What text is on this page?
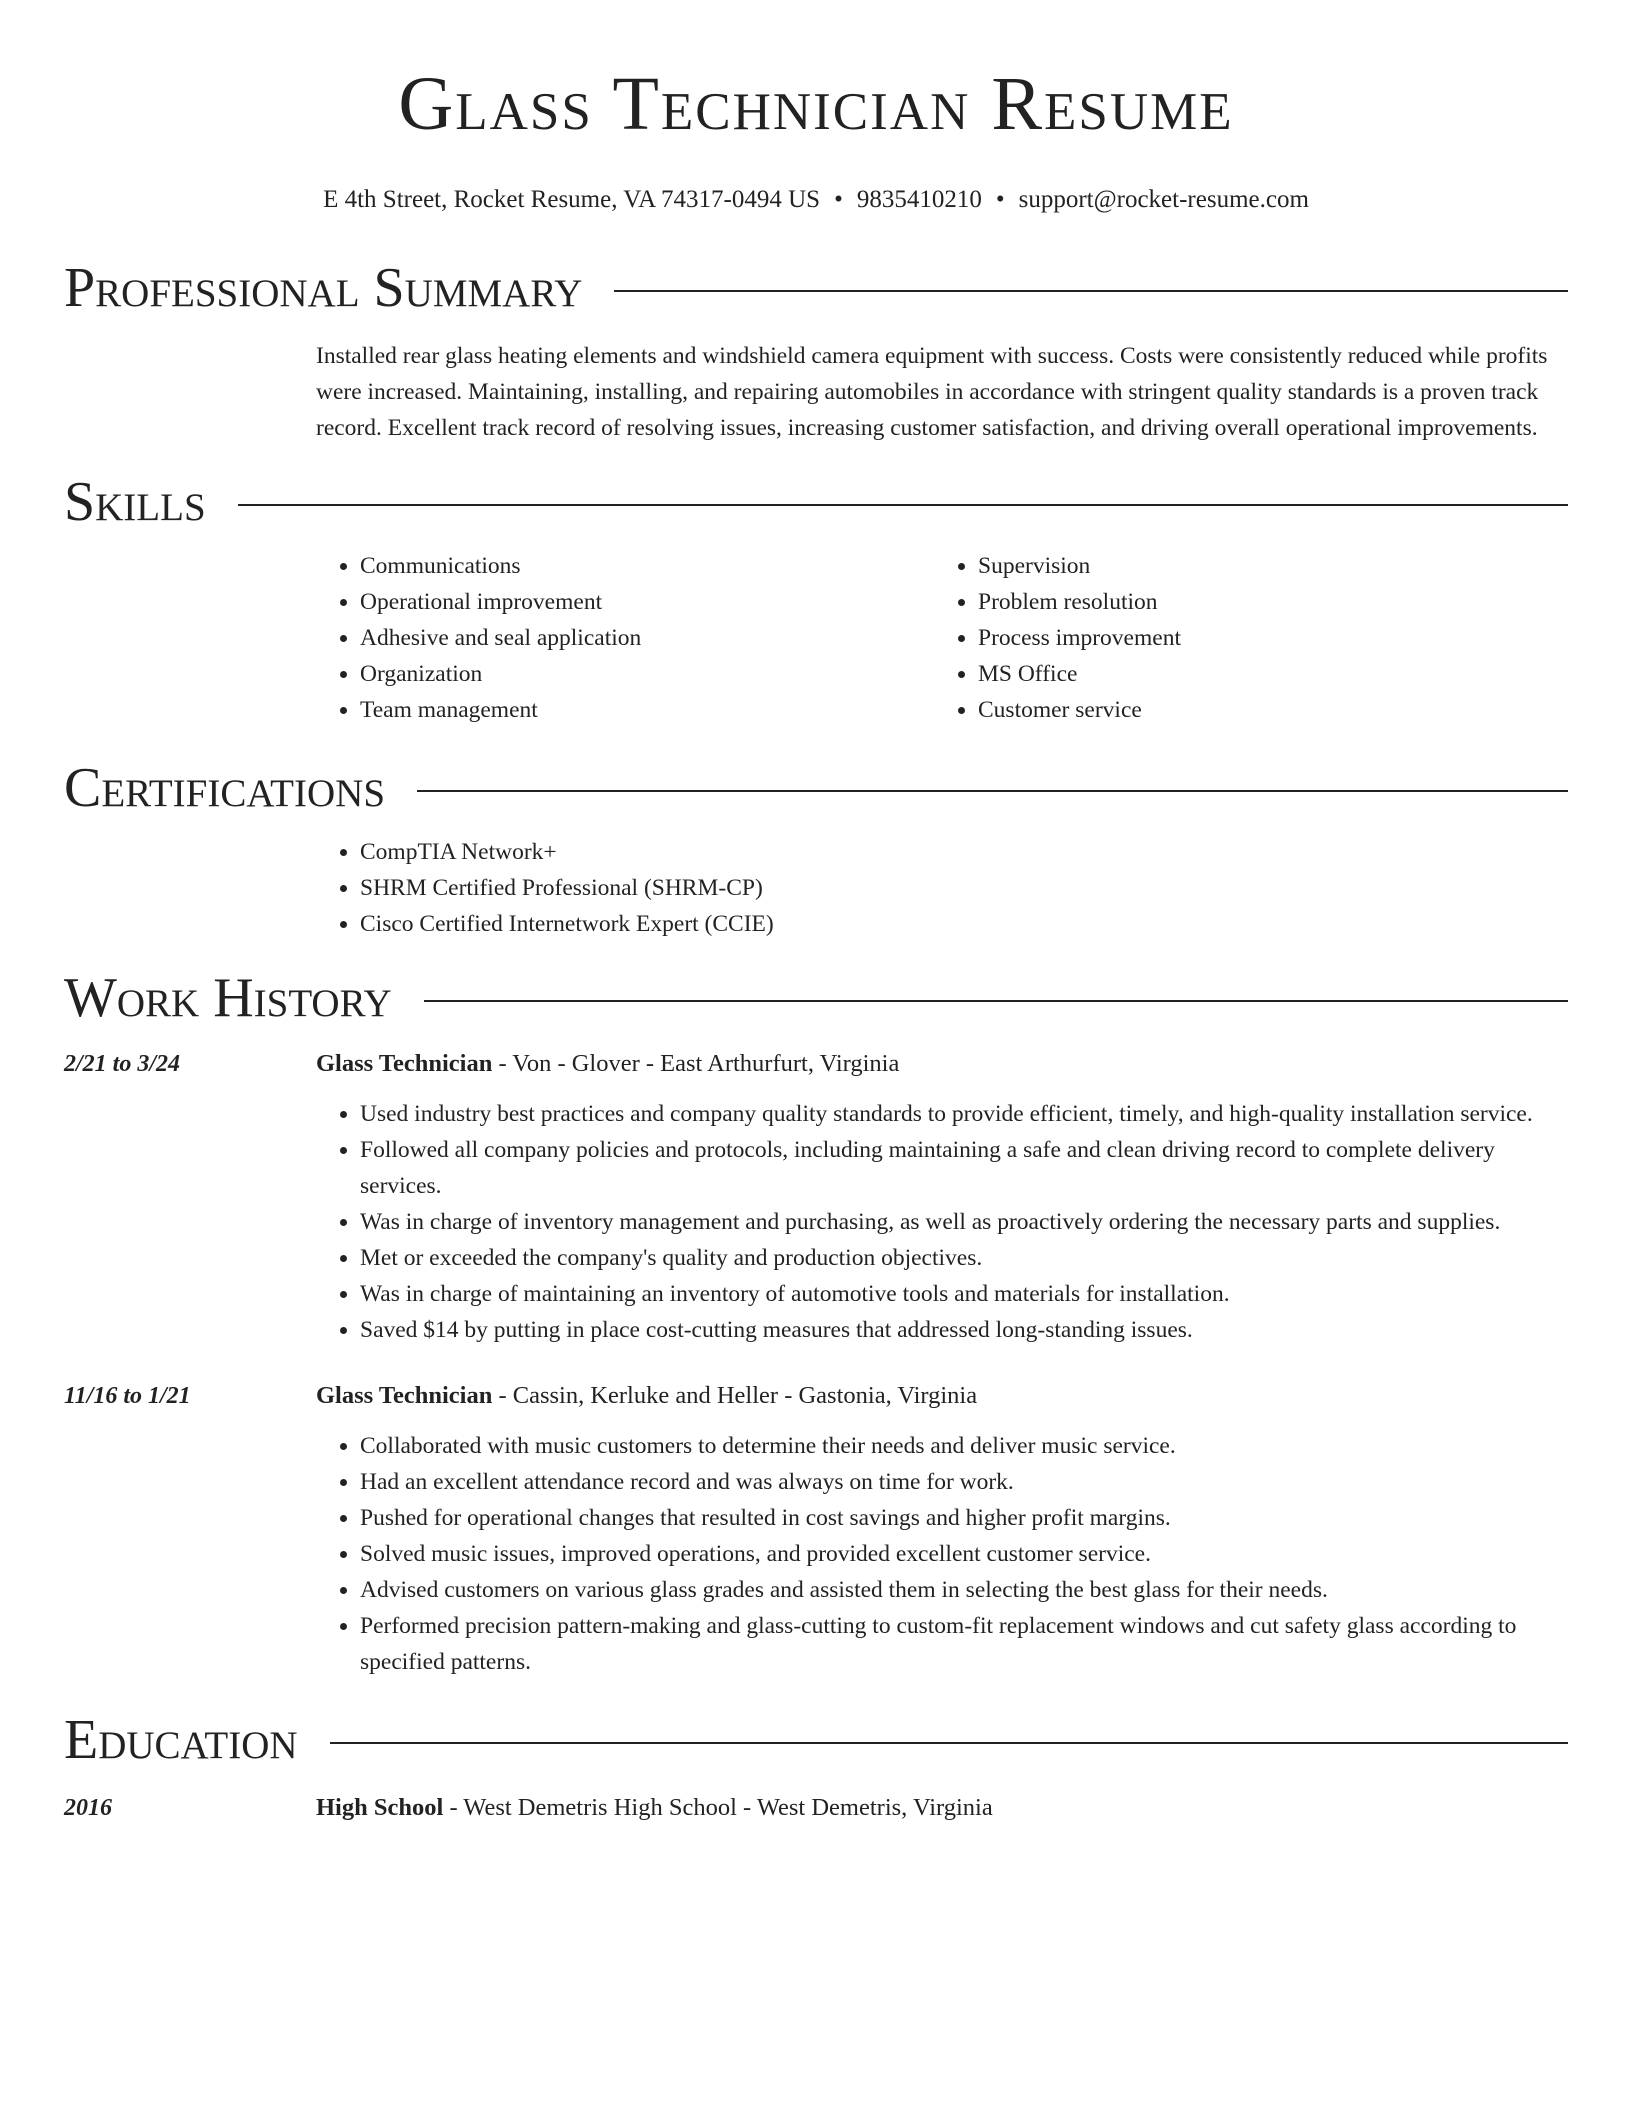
Glass Technician Resume
E 4th Street, Rocket Resume, VA 74317-0494 US • 9835410210 • support@rocket-resume.com
Professional Summary
Installed rear glass heating elements and windshield camera equipment with success. Costs were consistently reduced while profits were increased. Maintaining, installing, and repairing automobiles in accordance with stringent quality standards is a proven track record. Excellent track record of resolving issues, increasing customer satisfaction, and driving overall operational improvements.
Skills
• Communications
• Operational improvement
• Adhesive and seal application
• Organization
• Team management
• Supervision
• Problem resolution
• Process improvement
• MS Office
• Customer service
Certifications
• CompTIA Network+
• SHRM Certified Professional (SHRM-CP)
• Cisco Certified Internetwork Expert (CCIE)
Work History
2/21 to 3/24	Glass Technician - Von - Glover - East Arthurfurt, Virginia
• Used industry best practices and company quality standards to provide efficient, timely, and high-quality installation service.
• Followed all company policies and protocols, including maintaining a safe and clean driving record to complete delivery services.
• Was in charge of inventory management and purchasing, as well as proactively ordering the necessary parts and supplies.
• Met or exceeded the company's quality and production objectives.
• Was in charge of maintaining an inventory of automotive tools and materials for installation.
• Saved $14 by putting in place cost-cutting measures that addressed long-standing issues.
11/16 to 1/21	Glass Technician - Cassin, Kerluke and Heller - Gastonia, Virginia
• Collaborated with music customers to determine their needs and deliver music service.
• Had an excellent attendance record and was always on time for work.
• Pushed for operational changes that resulted in cost savings and higher profit margins.
• Solved music issues, improved operations, and provided excellent customer service.
• Advised customers on various glass grades and assisted them in selecting the best glass for their needs.
• Performed precision pattern-making and glass-cutting to custom-fit replacement windows and cut safety glass according to specified patterns.
Education
2016	High School - West Demetris High School - West Demetris, Virginia
